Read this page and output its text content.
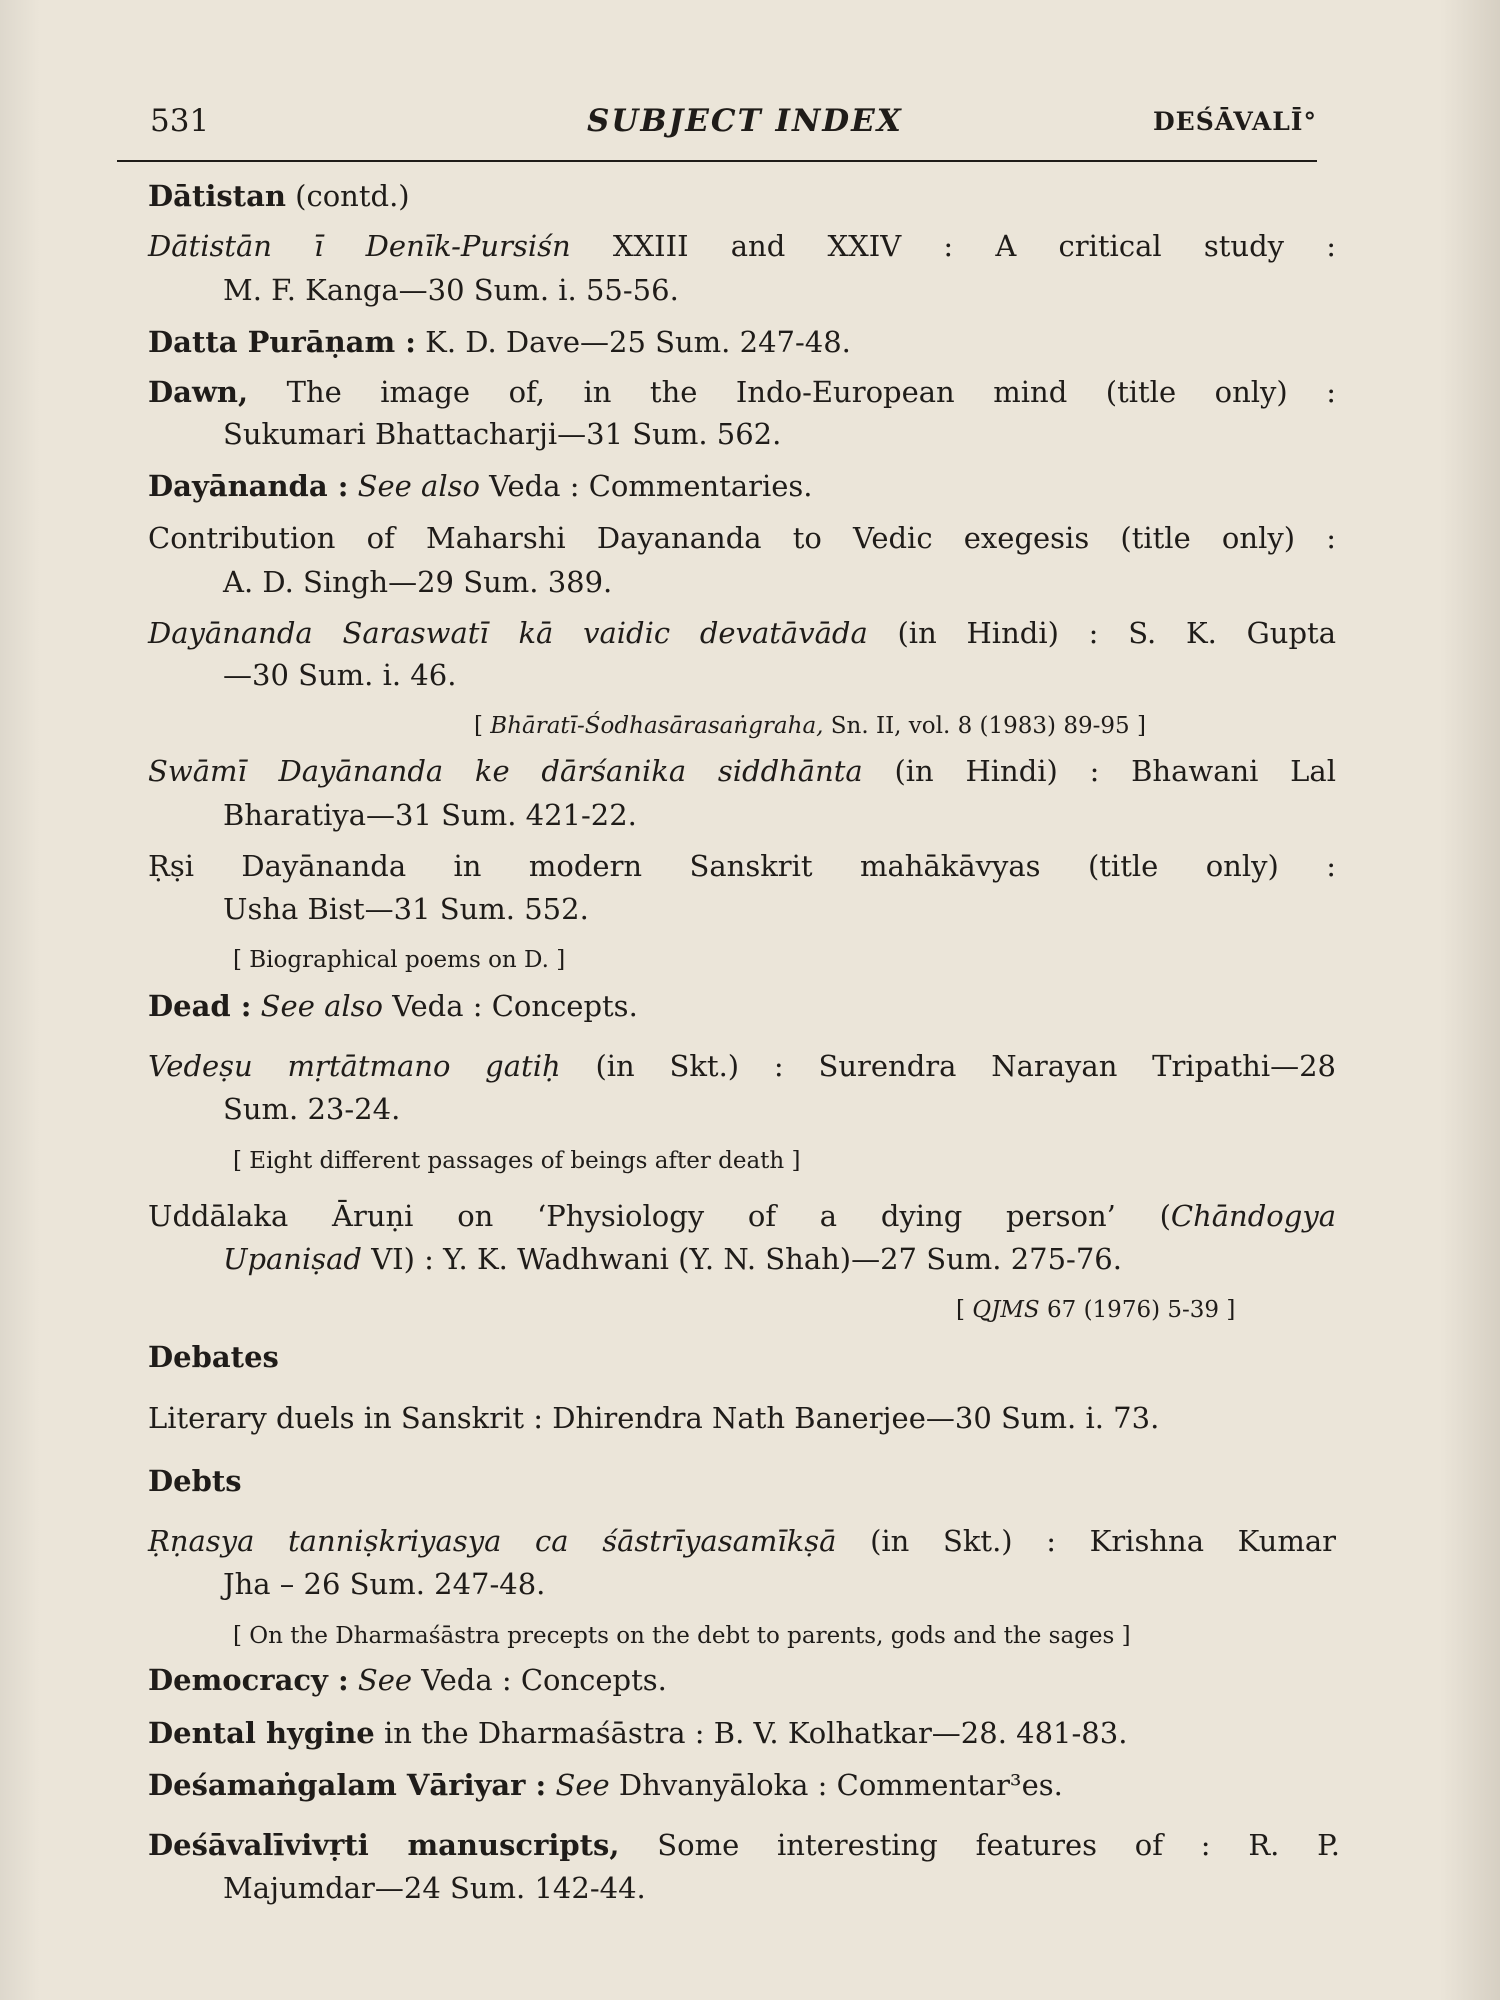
531	SUBJECT INDEX	DEŚĀVALĪ°
Dātistan (contd.)
Dātistān ī Denīk-Pursiśn XXIII and XXIV : A critical study :
M. F. Kanga—30 Sum. i. 55-56.
Datta Purāṇam : K. D. Dave—25 Sum. 247-48.
Dawn, The image of, in the Indo-European mind (title only) :
Sukumari Bhattacharji—31 Sum. 562.
Dayānanda : See also Veda : Commentaries.
Contribution of Maharshi Dayananda to Vedic exegesis (title only) :
A. D. Singh—29 Sum. 389.
Dayānanda Saraswatī kā vaidic devatāvāda (in Hindi) : S. K. Gupta
—30 Sum. i. 46.
[ Bhāratī-Śodhasārasaṅgraha, Sn. II, vol. 8 (1983) 89-95 ]
Swāmī Dayānanda ke dārśanika siddhānta (in Hindi) : Bhawani Lal
Bharatiya—31 Sum. 421-22.
Ṛṣi Dayānanda in modern Sanskrit mahākāvyas (title only) :
Usha Bist—31 Sum. 552.
[ Biographical poems on D. ]
Dead : See also Veda : Concepts.
Vedeṣu mṛtātmano gatiḥ (in Skt.) : Surendra Narayan Tripathi—28
Sum. 23-24.
[ Eight different passages of beings after death ]
Uddālaka Āruṇi on ‘Physiology of a dying person’ (Chāndogya
Upaniṣad VI) : Y. K. Wadhwani (Y. N. Shah)—27 Sum. 275-76.
[ QJMS 67 (1976) 5-39 ]
Debates
Literary duels in Sanskrit : Dhirendra Nath Banerjee—30 Sum. i. 73.
Debts
Ṛṇasya tanniṣkriyasya ca śāstrīyasamīkṣā (in Skt.) : Krishna Kumar
Jha – 26 Sum. 247-48.
[ On the Dharmaśāstra precepts on the debt to parents, gods and the sages ]
Democracy : See Veda : Concepts.
Dental hygine in the Dharmaśāstra : B. V. Kolhatkar—28. 481-83.
Deśamaṅgalam Vāriyar : See Dhvanyāloka : Commentar³es.
Deśāvalīvivṛti manuscripts, Some interesting features of : R. P.
Majumdar—24 Sum. 142-44.
